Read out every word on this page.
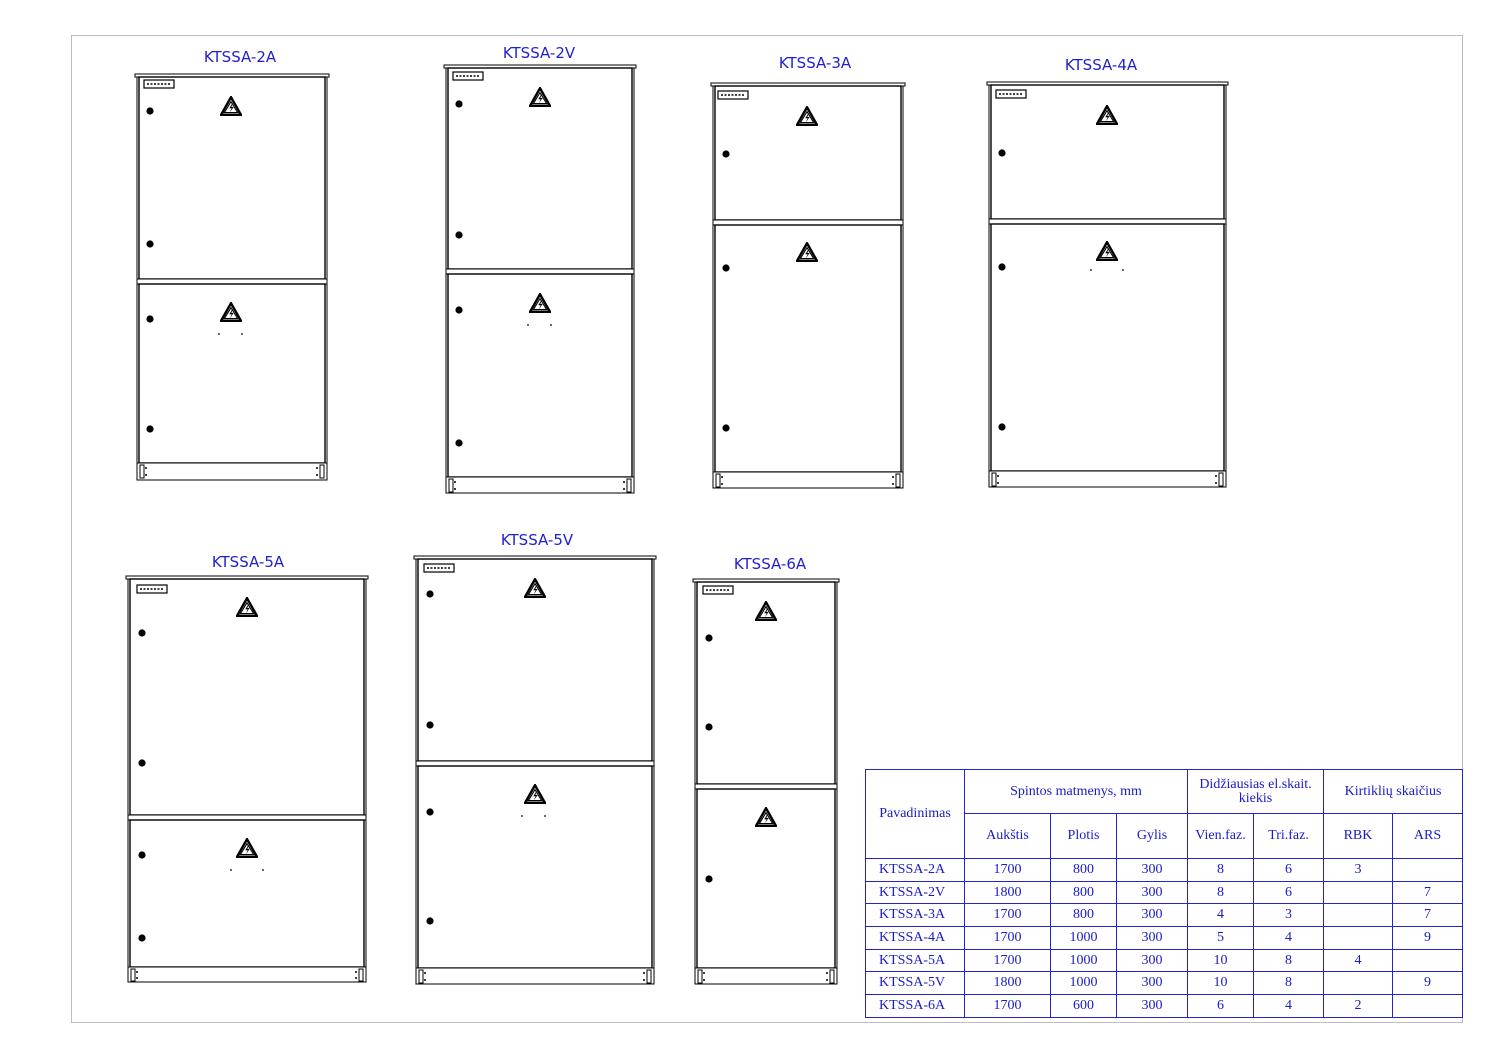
KTSSA-2A	KTSSA-2V
KTSSA-3A	KTSSA-4A
KTSSA-5A
KTSSA-5V
KTSSA-6A
Pavadinimas	Spintos matmenys, mm			Didžiausias el.skait. kiekis		Kirtiklių skaičius	
	Aukštis	Plotis	Gylis	Vien.faz.	Tri.faz.	RBK	ARS
KTSSA-2A	1700	800	300	8	6	3	
KTSSA-2V	1800	800	300	8	6		7
KTSSA-3A	1700	800	300	4	3		7
KTSSA-4A	1700	1000	300	5	4		9
KTSSA-5A	1700	1000	300	10	8	4	
KTSSA-5V	1800	1000	300	10	8		9
KTSSA-6A	1700	600	300	6	4	2	
